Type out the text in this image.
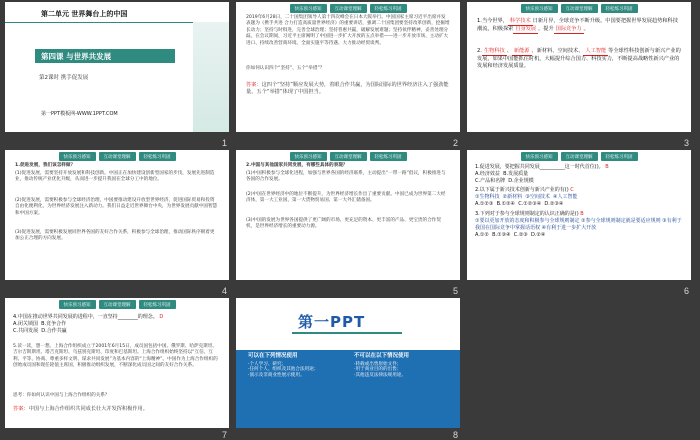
第二单元 世界舞台上的中国
第四课 与世界共发展
第2课时 携手促发展
第一PPT模板网-WWW.1PPT.COM
1
快乐预习感知	互动课堂理解	轻松练习巩固
2019年6月28日，二十国集团领导人第十四次峰会在日本大阪举行。中国国家主席习近平出席并发表题为《携手共进 合力打造高质量世界经济》的重要讲话，强调二十国集团要坚持改革创新，挖掘增长动力；坚持与时俱进，完善全球治理；坚持普惠共赢，破解发展难题；坚持伙伴精神，妥善处理分歧。在会议期间，习近平主席阐明了中国进一步扩大开放的五点举措——进一步开放市场、主动扩大进口、持续改善营商环境、全面实施平等待遇、大力推动经贸谈判。
你如何认识四个“坚持”、五个“举措”？
答案：这四个“坚持”顺应发展大势，着眼合作共赢，为国际国际的世界经济注入了强劲能量。五个“举措”体现了中国担当。
2
快乐预习感知	互动课堂理解	轻松练习巩固
1.当今世界， 科学技术 日新月异，全球竞争不断升级。中国要把握世界发展趋势和科技潮流，积极探索 自身发展 ，提升 国际竞争力 。
2. 生物科技 、 新能源 、新材料、空间技术、 人工智能 等全球性科技创新与新兴产业的发展，如果中国能抓住时机，大幅提升综合国力、科技实力，不断提高战略性新兴产业的发展和经济发展质量。
3
快乐预习感知	互动课堂理解	轻松练习巩固
1.促进发展，我们该怎样做？
(1)促进发展，需要坚持开放发展和科技创新。中国正在加快建设创新型国家的步伐，发展先进制造业，推动传统产业优化升级，从而进一步提升我国在全球分工中的地位。
(2)促进发展，需要积极参与全球经济治理，中国要推动建设开放型世界经济，促进国际贸易和投资自由化便利化，为世界经济发展注入新动力。我们日益走近世界舞台中央，为世界发展贡献中国智慧和中国方案。
(3)促进发展，需要积极发展同世界各国的友好合作关系，积极参与全球治理，推动国际秩序朝着更加公正合理的方向发展。
4
快乐预习感知	互动课堂理解	轻松练习巩固
2.中国与其他国家共同发展，有哪些具体的表现？
(1)中国积极参与全球化进程，加强与世界各国的经济联系，主动提出“一带一路”倡议，积极推进与各国的合作发展。
(2)中国在世界经济中的地位不断提升，为世界经济增长作出了重要贡献。中国已成为世界第二大经济体，第一大工业国、第一大货物贸易国、第一大外汇储备国。
(3)中国的发展为世界各国提供了更广阔的市场、更充足的资本、更丰富的产品、更宝贵的合作契机，是世界经济增长的重要动力源。
5
快乐预习感知	互动课堂理解	轻松练习巩固
1.促进发展，要把握共同发展__________这一时代首位()。 B
A.经济效益 B.发展质量
C.产品和名牌 D.企业规模
2.以下属于新兴技术创新与新兴产业的有() C
①生物科技 ②新材料 ③空间技术 ④人工智能
A.①②③ B.①②④ C.①②③④ D.②③④
3.下列对于参与全球规则制定的认识正确的是() B
①要以更加开放的态度和积极参与全球规则制定 ②参与全球规则制定就是要适应规则 ③有利于我国在国际竞争中掌握话语权 ④有利于进一步扩大开放
A.①② B.①③④ C.②③ D.②④
6
快乐预习感知	互动课堂理解	轻松练习巩固
4.中国在推动世界共同发展的进程中，一直坚持________的理念。 D
A.闭关锁国 B.竞争合作
C.共同发展 D.合作共赢
5.读一读，想一想。上海合作组织成立于2001年6月15日，成员国包括中国、俄罗斯、哈萨克斯坦、吉尔吉斯斯坦、塔吉克斯坦、乌兹别克斯坦、印度和巴基斯坦。上海合作组织始终坚持以“互信、互利、平等、协商、尊重多样文明、谋求共同发展”为基本内容的“上海精神”。中国作为上海合作组织的创始成员国和现任轮值主席国，积极推动组织发展，不断深化成员国之间的友好合作关系。
思考：你如何认识中国与上海合作组织的关系？
答案：中国与上海合作组织共同成长壮大并发挥积极作用。
7
第一PPT
可以在下列情况使用
·个人学习、研究；
·任何个人、组织及其他合法用途；
·演示及非商业性展示使用。
不可以在以下情况使用
·转载或出售原始文件；
·用于商业目的的出售；
·其他违反法律法规用途。
8
